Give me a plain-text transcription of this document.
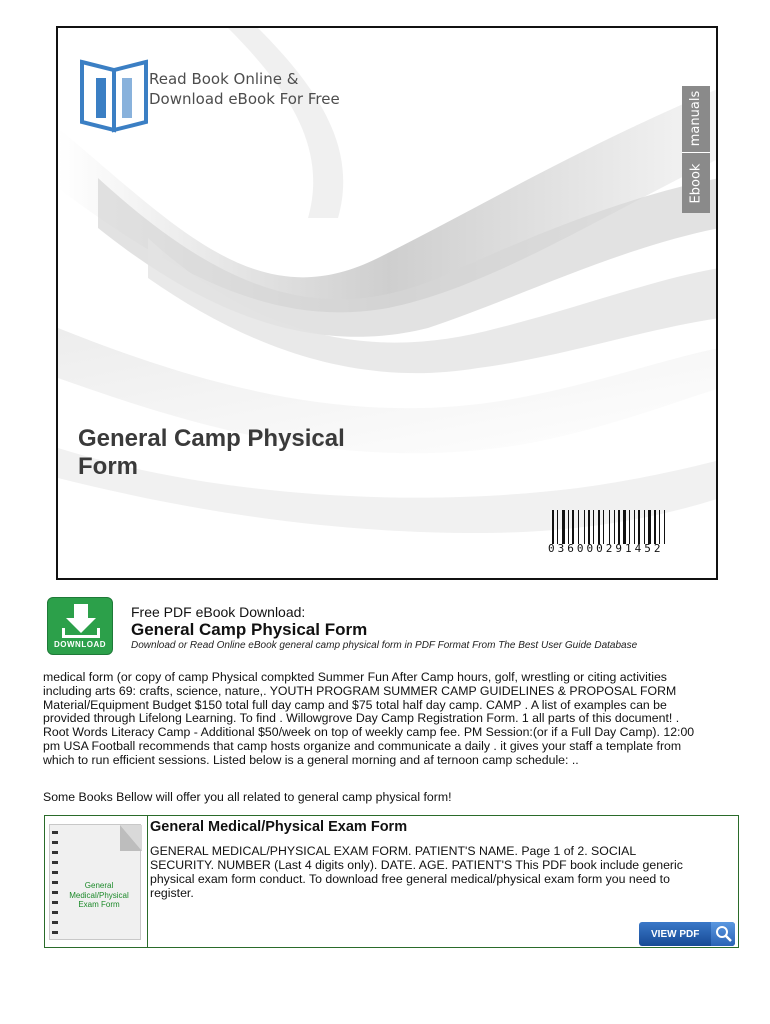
Read Book Online &
Download eBook For Free	manuals
Ebook
General Camp Physical
Form
036000291452
DOWNLOAD
Free PDF eBook Download:
General Camp Physical Form
Download or Read Online eBook general camp physical form in PDF Format From The Best User Guide Database
medical form (or copy of camp Physical compkted Summer Fun After Camp hours, golf, wrestling or citing activities
including arts 69: crafts, science, nature,. YOUTH PROGRAM SUMMER CAMP GUIDELINES & PROPOSAL FORM
Material/Equipment Budget $150 total full day camp and $75 total half day camp. CAMP . A list of examples can be
provided through Lifelong Learning. To find . Willowgrove Day Camp Registration Form. 1 all parts of this document! .
Root Words Literacy Camp - Additional $50/week on top of weekly camp fee. PM Session:(or if a Full Day Camp). 12:00
pm USA Football recommends that camp hosts organize and communicate a daily . it gives your staff a template from
which to run efficient sessions. Listed below is a general morning and af ternoon camp schedule: ..
Some Books Bellow will offer you all related to general camp physical form!
General
Medical/Physical
Exam Form
General Medical/Physical Exam Form
GENERAL MEDICAL/PHYSICAL EXAM FORM. PATIENT'S NAME. Page 1 of 2. SOCIAL
SECURITY. NUMBER (Last 4 digits only). DATE. AGE. PATIENT'S This PDF book include generic
physical exam form conduct. To download free general medical/physical exam form you need to
register.
VIEW PDF
